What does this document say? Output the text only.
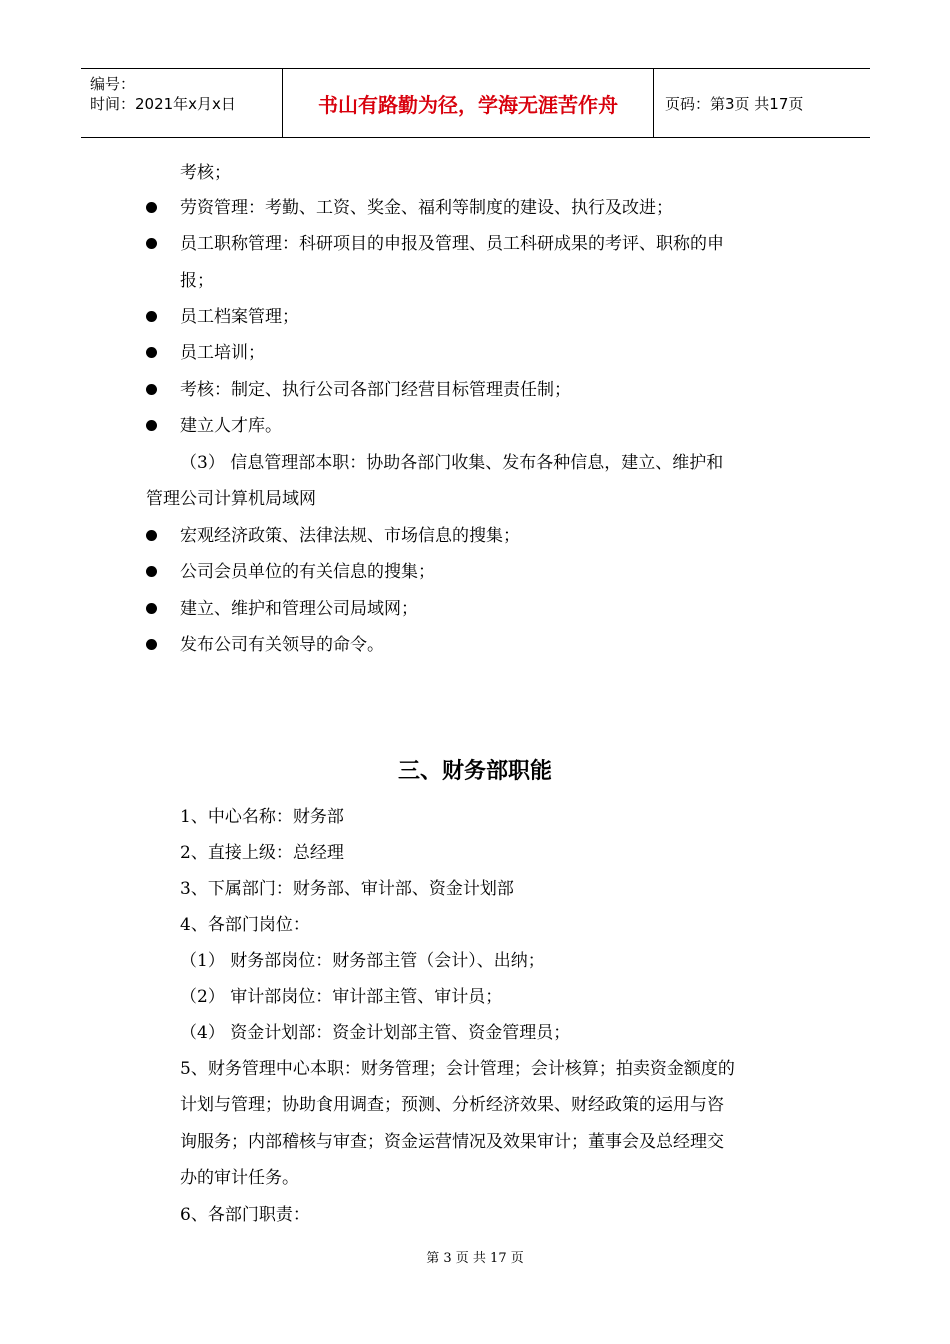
编号：
时间：2021年x月x日	书山有路勤为径，学海无涯苦作舟	页码：第3页 共17页
考核；
劳资管理：考勤、工资、奖金、福利等制度的建设、执行及改进；
员工职称管理：科研项目的申报及管理、员工科研成果的考评、职称的申
报；
员工档案管理；
员工培训；
考核：制定、执行公司各部门经营目标管理责任制；
建立人才库。
（3） 信息管理部本职：协助各部门收集、发布各种信息，建立、维护和
管理公司计算机局域网
宏观经济政策、法律法规、市场信息的搜集；
公司会员单位的有关信息的搜集；
建立、维护和管理公司局域网；
发布公司有关领导的命令。
三、财务部职能
1、中心名称：财务部
2、直接上级：总经理
3、下属部门：财务部、审计部、资金计划部
4、各部门岗位：
（1） 财务部岗位：财务部主管（会计）、出纳；
（2） 审计部岗位：审计部主管、审计员；
（4） 资金计划部：资金计划部主管、资金管理员；
5、财务管理中心本职：财务管理；会计管理；会计核算；拍卖资金额度的
计划与管理；协助食用调查；预测、分析经济效果、财经政策的运用与咨
询服务；内部稽核与审查；资金运营情况及效果审计；董事会及总经理交
办的审计任务。
6、各部门职责：
第 3 页 共 17 页
